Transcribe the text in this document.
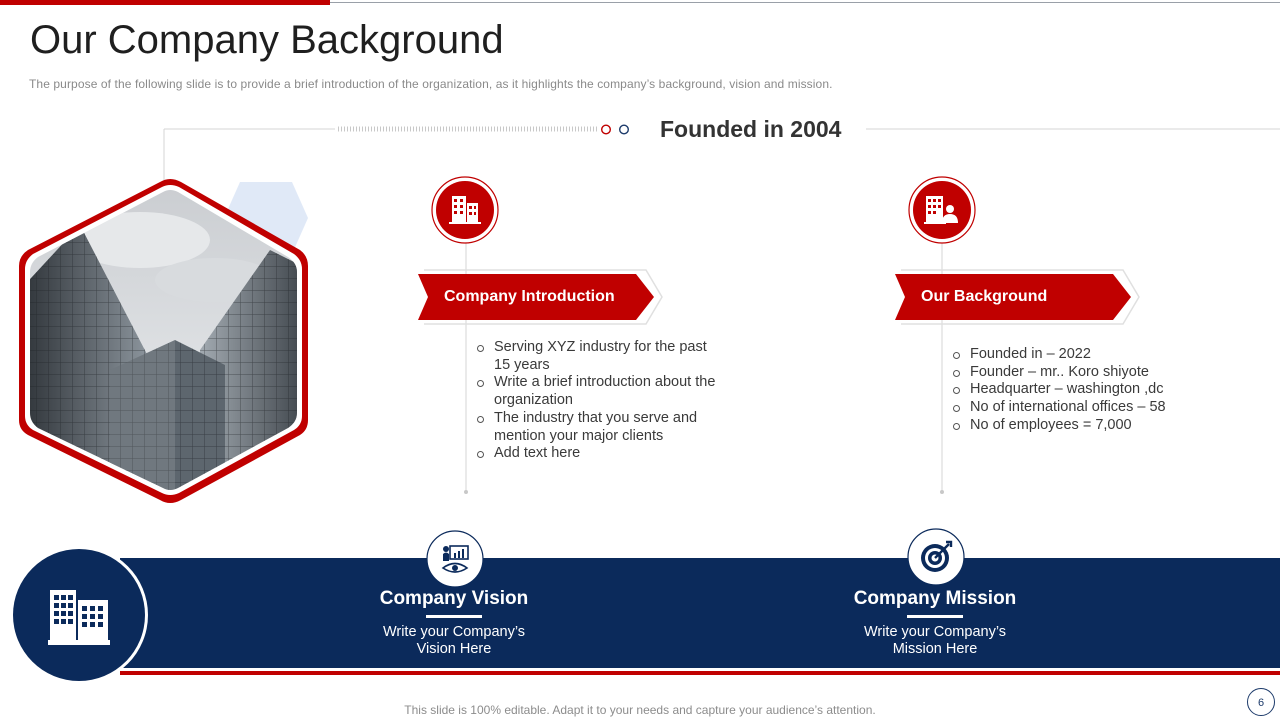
Our Company Background
The purpose of the following slide is to provide a brief introduction of the organization, as it highlights the company’s background, vision and mission.
Founded in 2004
Company Introduction
Serving XYZ industry for the past 15 years
Write a brief introduction about the organization
The industry that you serve and mention your major clients
Add text here
Our Background
Founded in – 2022
Founder – mr.. Koro shiyote
Headquarter – washington ,dc
No of international offices – 58
No of employees = 7,000
Company Vision
Write your Company’s Vision Here
Company Mission
Write your Company’s Mission Here
This slide is 100% editable. Adapt it to your needs and capture your audience’s attention.	6
